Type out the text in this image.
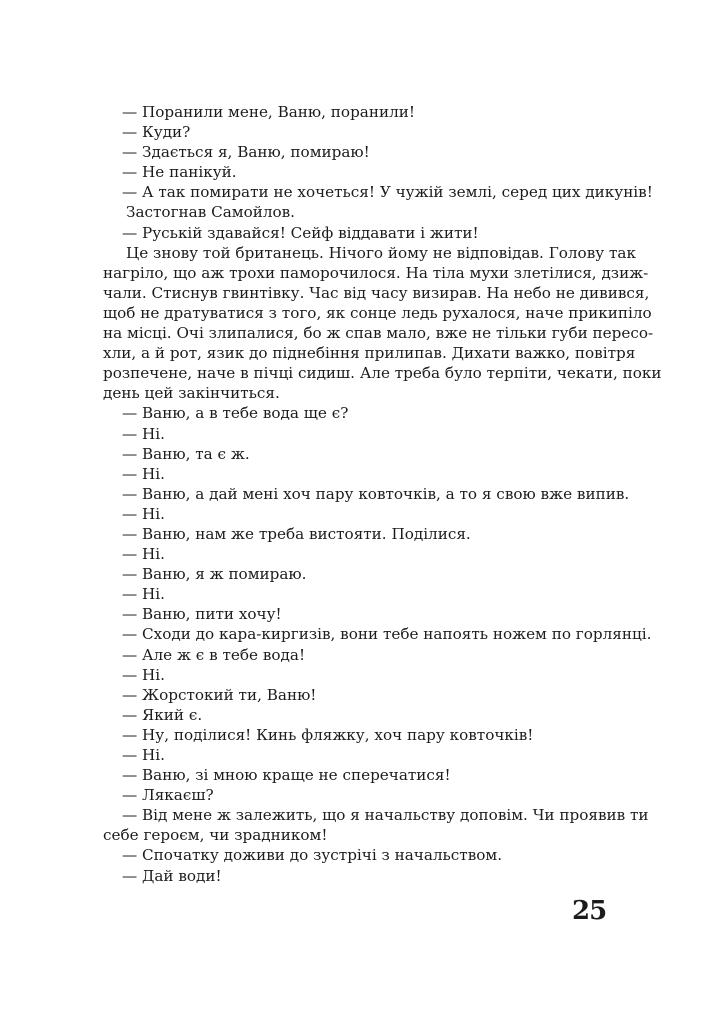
— Поранили мене, Ваню, поранили!
— Куди?
— Здається я, Ваню, помираю!
— Не панікуй.
— А так помирати не хочеться! У чужій землі, серед цих дикунів!
Застогнав Самойлов.
— Руській здавайся! Сейф віддавати і жити!
Це знову той британець. Нічого йому не відповідав. Голову так
нагріло, що аж трохи паморочилося. На тіла мухи злетілися, дзиж-
чали. Стиснув гвинтівку. Час від часу визирав. На небо не дивився,
щоб не дратуватися з того, як сонце ледь рухалося, наче прикипіло
на місці. Очі злипалися, бо ж спав мало, вже не тільки губи пересо-
хли, а й рот, язик до піднебіння прилипав. Дихати важко, повітря
розпечене, наче в пічці сидиш. Але треба було терпіти, чекати, поки
день цей закінчиться.
— Ваню, а в тебе вода ще є?
— Ні.
— Ваню, та є ж.
— Ні.
— Ваню, а дай мені хоч пару ковточків, а то я свою вже випив.
— Ні.
— Ваню, нам же треба вистояти. Поділися.
— Ні.
— Ваню, я ж помираю.
— Ні.
— Ваню, пити хочу!
— Сходи до кара-киргизів, вони тебе напоять ножем по горлянці.
— Але ж є в тебе вода!
— Ні.
— Жорстокий ти, Ваню!
— Який є.
— Ну, поділися! Кинь фляжку, хоч пару ковточків!
— Ні.
— Ваню, зі мною краще не сперечатися!
— Лякаєш?
— Від мене ж залежить, що я начальству доповім. Чи проявив ти
себе героєм, чи зрадником!
— Спочатку доживи до зустрічі з начальством.
— Дай води!
25
